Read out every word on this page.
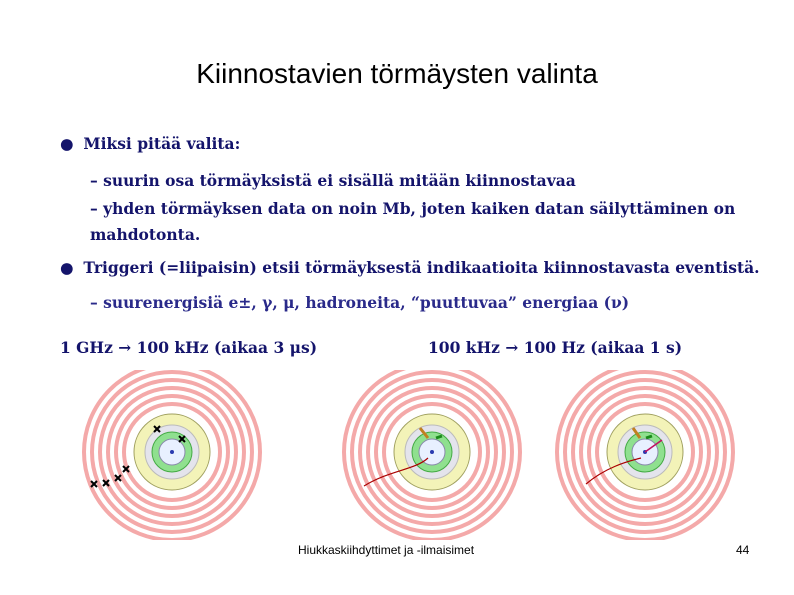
Kiinnostavien törmäysten valinta
● Miksi pitää valita:
– suurin osa törmäyksistä ei sisällä mitään kiinnostavaa
– yhden törmäyksen data on noin Mb, joten kaiken datan säilyttäminen on mahdotonta.
● Triggeri (=liipaisin) etsii törmäyksestä indikaatioita kiinnostavasta eventistä.
– suurenergisiä e±, γ, μ, hadroneita, “puuttuvaa” energiaa (ν)
1 GHz → 100 kHz (aikaa 3 μs)	100 kHz → 100 Hz (aikaa 1 s)
Hiukkaskiihdyttimet ja -ilmaisimet	44
